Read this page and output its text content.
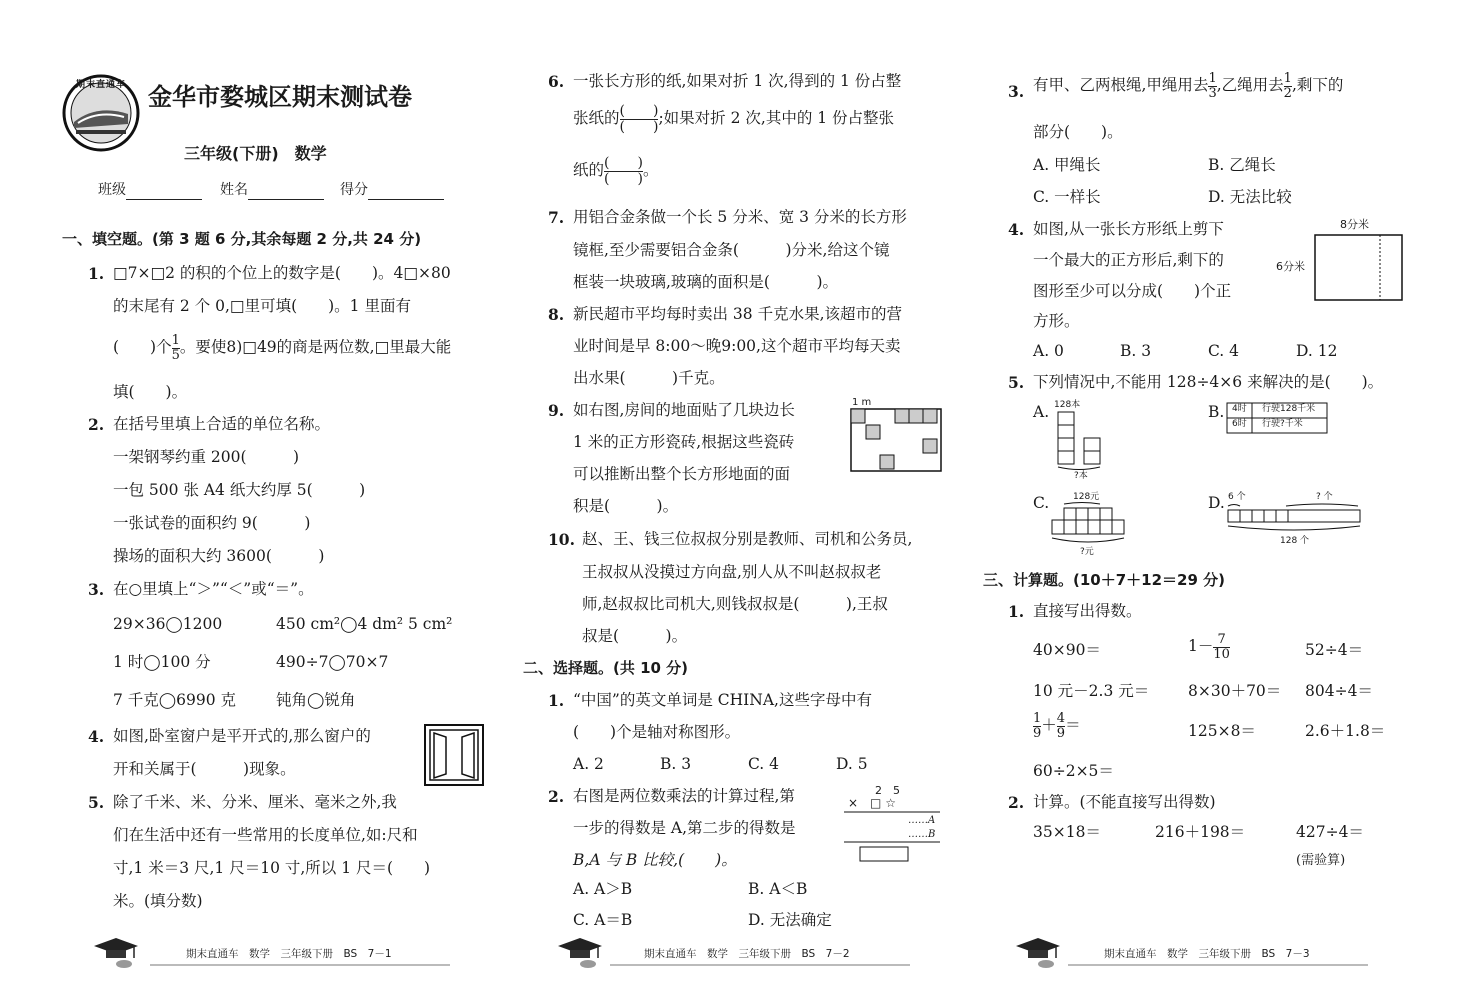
期末直通车 金华市婺城区期末测试卷
三年级(下册)　数学
班级	姓名	得分
一、填空题。(第 3 题 6 分,其余每题 2 分,共 24 分)
1. □7×□2 的积的个位上的数字是(　　)。4□×80
的末尾有 2 个 0,□里可填(　　)。1 里面有
(　　)个 $\frac{1}{5}$ 。要使8)□49的商是两位数,□里最大能
填(　　)。
2. 在括号里填上合适的单位名称。
一架钢琴约重 200(　　　)
一包 500 张 A4 纸大约厚 5(　　　)
一张试卷的面积约 9(　　　)
操场的面积大约 3600(　　　)
3. 在○里填上“＞”“＜”或“＝”。
29×36◯1200	450 cm²◯4 dm² 5 cm²
1 时◯100 分	490÷7◯70×7
7 千克◯6990 克	钝角◯锐角
4. 如图,卧室窗户是平开式的,那么窗户的
开和关属于(　　　)现象。
5. 除了千米、米、分米、厘米、毫米之外,我
们在生活中还有一些常用的长度单位,如:尺和
寸,1 米＝3 尺,1 尺＝10 寸,所以 1 尺＝(　　)
米。(填分数)
6. 一张长方形的纸,如果对折 1 次,得到的 1 份占整
张纸的 (　　)
(　　) ;如果对折 2 次,其中的 1 份占整张
纸的 (　　)
(　　) 。
7. 用铝合金条做一个长 5 分米、宽 3 分米的长方形
镜框,至少需要铝合金条(　　　)分米,给这个镜
框装一块玻璃,玻璃的面积是(　　　)。
8. 新民超市平均每时卖出 38 千克水果,该超市的营
业时间是早 8:00～晚9:00,这个超市平均每天卖
出水果(　　　)千克。
9. 如右图,房间的地面贴了几块边长
1 米的正方形瓷砖,根据这些瓷砖
可以推断出整个长方形地面的面
积是(　　　)。
1 m
10. 赵、王、钱三位叔叔分别是教师、司机和公务员,
王叔叔从没摸过方向盘,别人从不叫赵叔叔老
师,赵叔叔比司机大,则钱叔叔是(　　　),王叔
叔是(　　　)。
二、选择题。(共 10 分)
1. “中国”的英文单词是 CHINA,这些字母中有
(　　)个是轴对称图形。
A. 2	B. 3	C. 4	D. 5
2. 右图是两位数乘法的计算过程,第
一步的得数是 A,第二步的得数是
B,A 与 B 比较,(　　)。
2　5
×　□ ☆
……A
……B
A. A＞B	B. A＜B
C. A＝B	D. 无法确定
3. 有甲、乙两根绳,甲绳用去 $\frac{1}{3}$ ,乙绳用去 $\frac{1}{2}$ ,剩下的
部分(　　)。
A. 甲绳长	B. 乙绳长
C. 一样长	D. 无法比较
4. 如图,从一张长方形纸上剪下
一个最大的正方形后,剩下的
图形至少可以分成(　　)个正
方形。
8分米
6分米
A. 0	B. 3	C. 4	D. 12
5. 下列情况中,不能用 128÷4×6 来解决的是(　　)。
A. 128本
?本
B. 4时 行驶128千米
6时 行驶?千米
C.	128元
?元
D. 6 个	? 个
128 个
三、计算题。(10＋7＋12＝29 分)
1. 直接写出得数。
40×90＝	$1- \frac{7}{10}$	52÷4＝
10 元－2.3 元＝	8×30＋70＝ 804÷4＝
$\frac{1}{9} + \frac{4}{9}$ ＝	125×8＝	2.6＋1.8＝
60÷2×5＝
2. 计算。(不能直接写出得数)
35×18＝	216＋198＝	427÷4＝
(需验算)
期末直通车　数学　三年级下册　BS　7－1	期末直通车　数学　三年级下册　BS　7－2	期末直通车　数学　三年级下册　BS　7－3
